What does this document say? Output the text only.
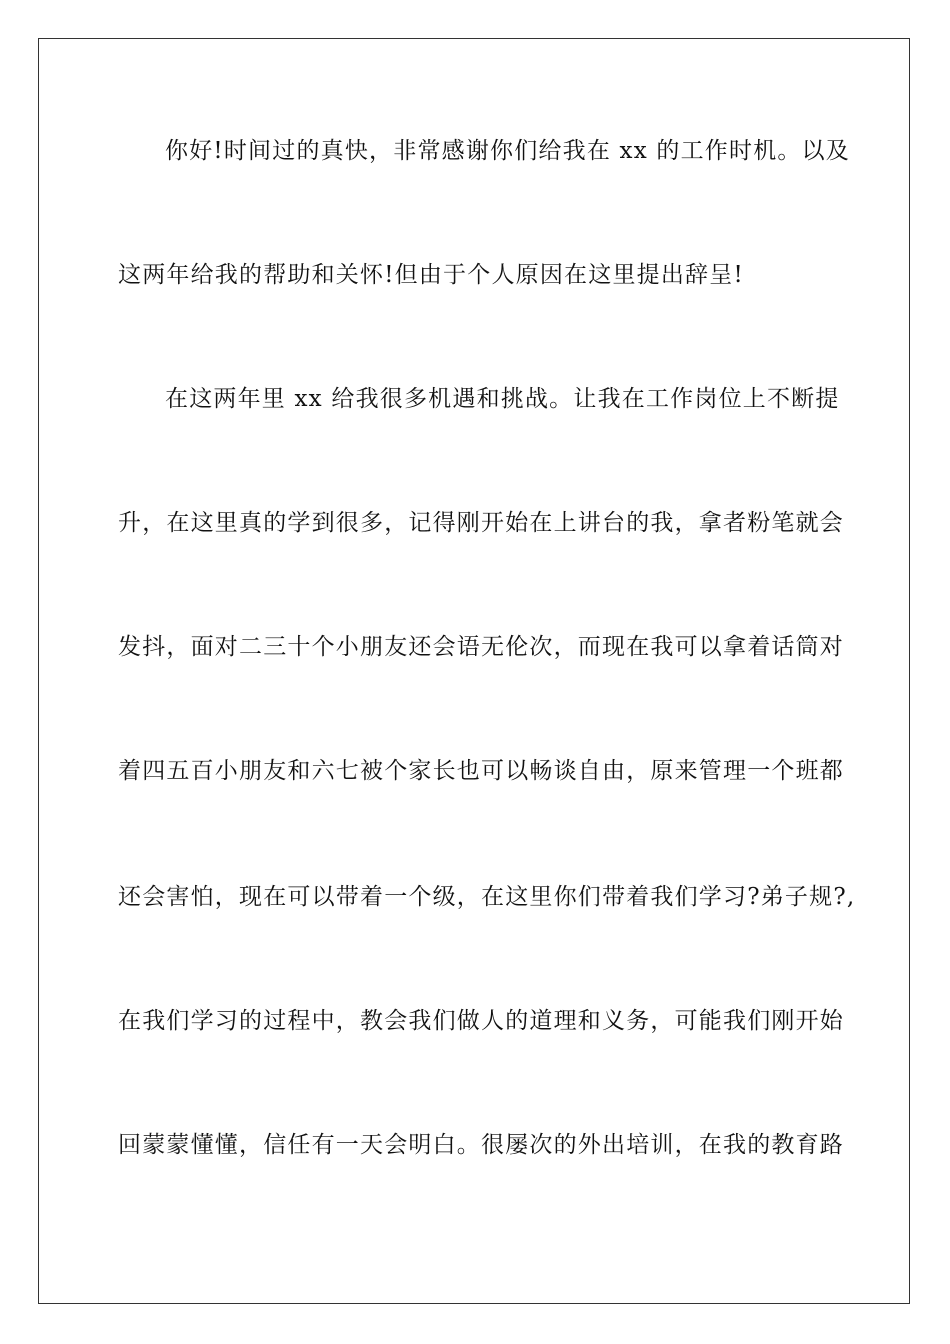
你好!时间过的真快，非常感谢你们给我在 xx 的工作时机。以及
这两年给我的帮助和关怀!但由于个人原因在这里提出辞呈!
在这两年里 xx 给我很多机遇和挑战。让我在工作岗位上不断提
升，在这里真的学到很多，记得刚开始在上讲台的我，拿者粉笔就会
发抖，面对二三十个小朋友还会语无伦次，而现在我可以拿着话筒对
着四五百小朋友和六七被个家长也可以畅谈自由，原来管理一个班都
还会害怕，现在可以带着一个级，在这里你们带着我们学习?弟子规?,
在我们学习的过程中，教会我们做人的道理和义务，可能我们刚开始
回蒙蒙懂懂，信任有一天会明白。很屡次的外出培训，在我的教育路
